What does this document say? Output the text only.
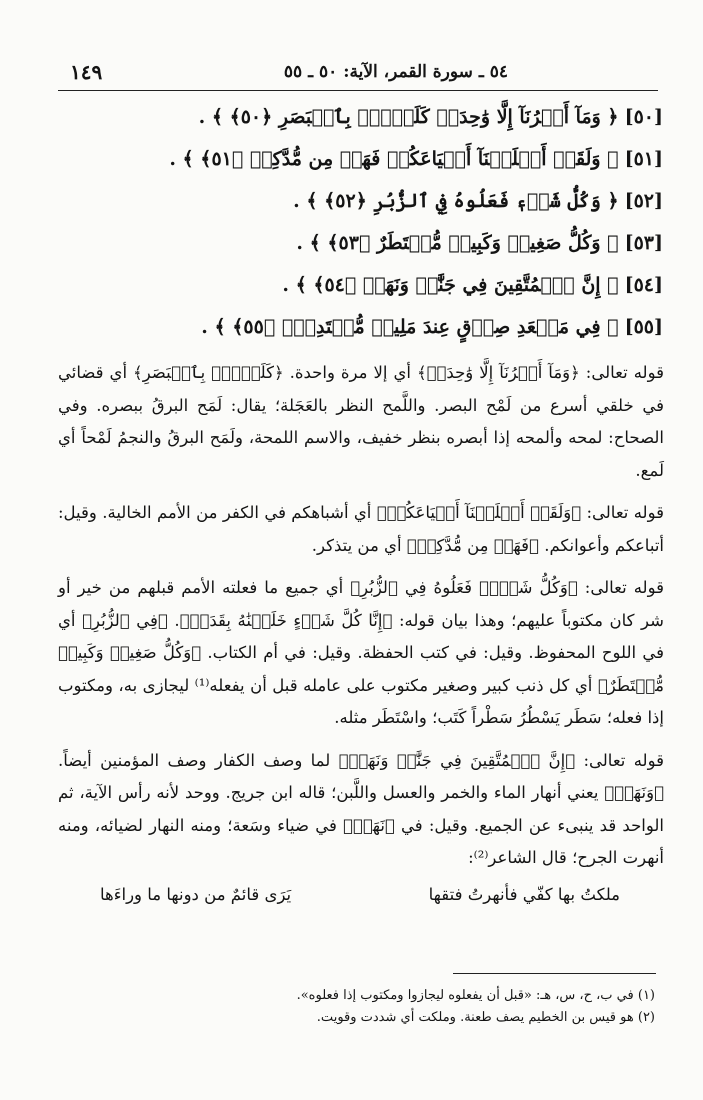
١٤٩	٥٤ ـ سورة القمر، الآية: ٥٠ ـ ٥٥
[٥٠]﴿ وَمَآ أَمۡرُنَآ إِلَّا وَٰحِدَةٞ كَلَمۡحِۭ بِٱلۡبَصَرِ ﴿٥٠﴾ ﴾ .
[٥١]﴿ وَلَقَدۡ أَهۡلَكۡنَآ أَشۡيَاعَكُمۡ فَهَلۡ مِن مُّدَّكِرٖ ﴿٥١﴾ ﴾ .
[٥٢]﴿ وَكُلُّ شَيۡءٖ فَعَلُوهُ فِي ٱلزُّبُرِ ﴿٥٢﴾ ﴾ .
[٥٣]﴿ وَكُلُّ صَغِيرٖ وَكَبِيرٖ مُّسۡتَطَرٌ ﴿٥٣﴾ ﴾ .
[٥٤]﴿ إِنَّ ٱلۡمُتَّقِينَ فِي جَنَّٰتٖ وَنَهَرٖ ﴿٥٤﴾ ﴾ .
[٥٥]﴿ فِي مَقۡعَدِ صِدۡقٍ عِندَ مَلِيكٖ مُّقۡتَدِرِۭ ﴿٥٥﴾ ﴾ .

قوله تعالى: ﴿وَمَآ أَمۡرُنَآ إِلَّا وَٰحِدَةٞ﴾ أي إلا مرة واحدة. ﴿كَلَمۡحِۭ بِٱلۡبَصَرِ﴾ أي قضائي في خلقي أسرع من لَمْح البصر. واللَّمح النظر بالعَجَلة؛ يقال: لَمَح البرقُ ببصره. وفي الصحاح: لمحه وألمحه إذا أبصره بنظر خفيف، والاسم اللمحة، ولَمَح البرقُ والنجمُ لَمْحاً أي لَمع.

قوله تعالى: ﴿وَلَقَدۡ أَهۡلَكۡنَآ أَشۡيَاعَكُمۡ﴾ أي أشباهكم في الكفر من الأمم الخالية. وقيل: أتباعكم وأعوانكم. ﴿فَهَلۡ مِن مُّدَّكِرٖ﴾ أي من يتذكر.

قوله تعالى: ﴿وَكُلُّ شَيۡءٖ فَعَلُوهُ فِي ٱلزُّبُرِ﴾ أي جميع ما فعلته الأمم قبلهم من خير أو شر كان مكتوباً عليهم؛ وهذا بيان قوله: ﴿إِنَّا كُلَّ شَيۡءٍ خَلَقۡنَٰهُ بِقَدَرٖ﴾. ﴿فِي ٱلزُّبُرِ﴾ أي في اللوح المحفوظ. وقيل: في كتب الحفظة. وقيل: في أم الكتاب. ﴿وَكُلُّ صَغِيرٖ وَكَبِيرٖ مُّسۡتَطَرٌ﴾ أي كل ذنب كبير وصغير مكتوب على عامله قبل أن يفعله⁽¹⁾ ليجازى به، ومكتوب إذا فعله؛ سَطَر يَسْطُرُ سَطْراً كَتَب؛ واسْتَطَر مثله.

قوله تعالى: ﴿إِنَّ ٱلۡمُتَّقِينَ فِي جَنَّٰتٖ وَنَهَرٖ﴾ لما وصف الكفار وصف المؤمنين أيضاً. ﴿وَنَهَرٖ﴾ يعني أنهار الماء والخمر والعسل واللَّبن؛ قاله ابن جريج. ووحد لأنه رأس الآية، ثم الواحد قد ينبىء عن الجميع. وقيل: في ﴿نَهَرٖ﴾ في ضياء وسَعة؛ ومنه النهار لضيائه، ومنه أنهرت الجرح؛ قال الشاعر⁽²⁾:

ملكتُ بها كفّي فأنهرتُ فتقها
يَرَى قائمٌ من دونها ما وراءَها
(١) في ب، ح، س، هـ: «قبل أن يفعلوه ليجازوا ومكتوب إذا فعلوه».
(٢) هو قيس بن الخطيم يصف طعنة. وملكت أي شددت وقويت.
